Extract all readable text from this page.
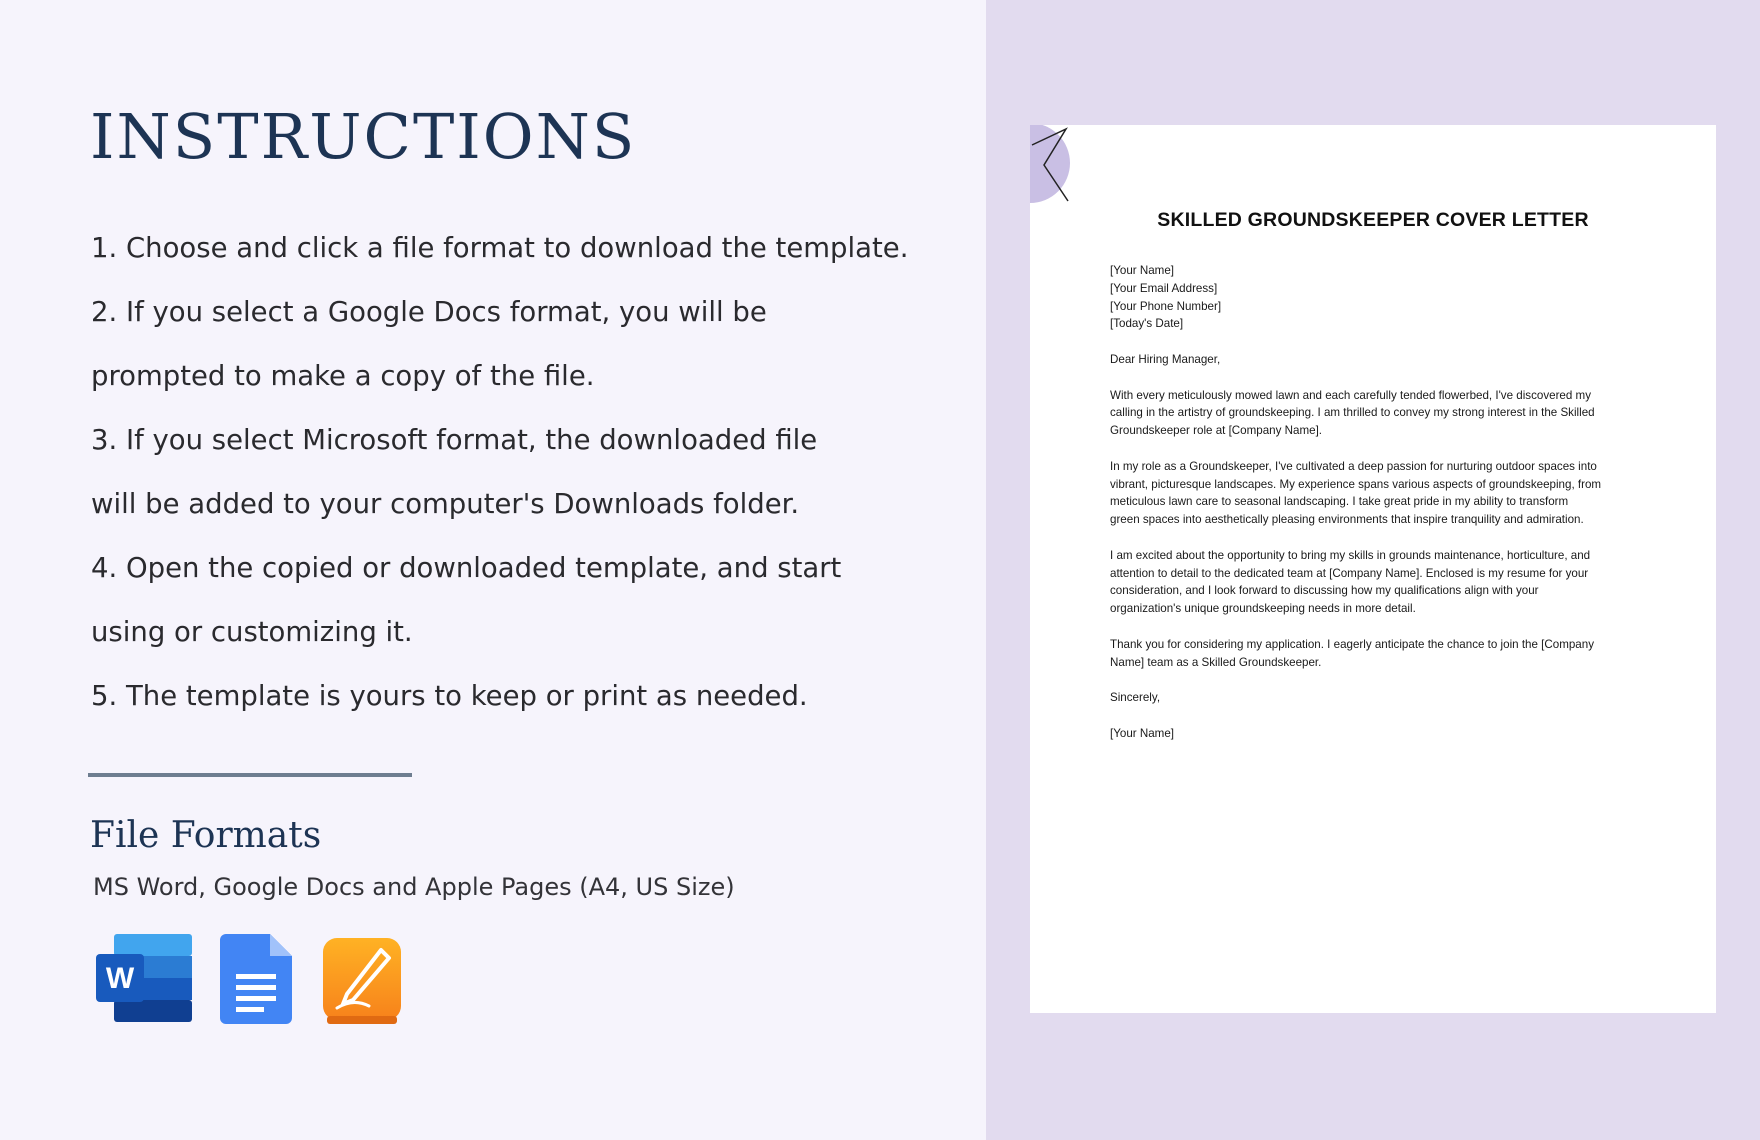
INSTRUCTIONS
1. Choose and click a file format to download the template.
2. If you select a Google Docs format, you will be
prompted to make a copy of the file.
3. If you select Microsoft format, the downloaded file
will be added to your computer's Downloads folder.
4. Open the copied or downloaded template, and start
using or customizing it.
5. The template is yours to keep or print as needed.
File Formats
MS Word, Google Docs and Apple Pages (A4, US Size)
W
SKILLED GROUNDSKEEPER COVER LETTER
[Your Name]
[Your Email Address]
[Your Phone Number]
[Today's Date]
Dear Hiring Manager,
With every meticulously mowed lawn and each carefully tended flowerbed, I've discovered my
calling in the artistry of groundskeeping. I am thrilled to convey my strong interest in the Skilled
Groundskeeper role at [Company Name].
In my role as a Groundskeeper, I've cultivated a deep passion for nurturing outdoor spaces into
vibrant, picturesque landscapes. My experience spans various aspects of groundskeeping, from
meticulous lawn care to seasonal landscaping. I take great pride in my ability to transform
green spaces into aesthetically pleasing environments that inspire tranquility and admiration.
I am excited about the opportunity to bring my skills in grounds maintenance, horticulture, and
attention to detail to the dedicated team at [Company Name]. Enclosed is my resume for your
consideration, and I look forward to discussing how my qualifications align with your
organization's unique groundskeeping needs in more detail.
Thank you for considering my application. I eagerly anticipate the chance to join the [Company
Name] team as a Skilled Groundskeeper.
Sincerely,
[Your Name]
